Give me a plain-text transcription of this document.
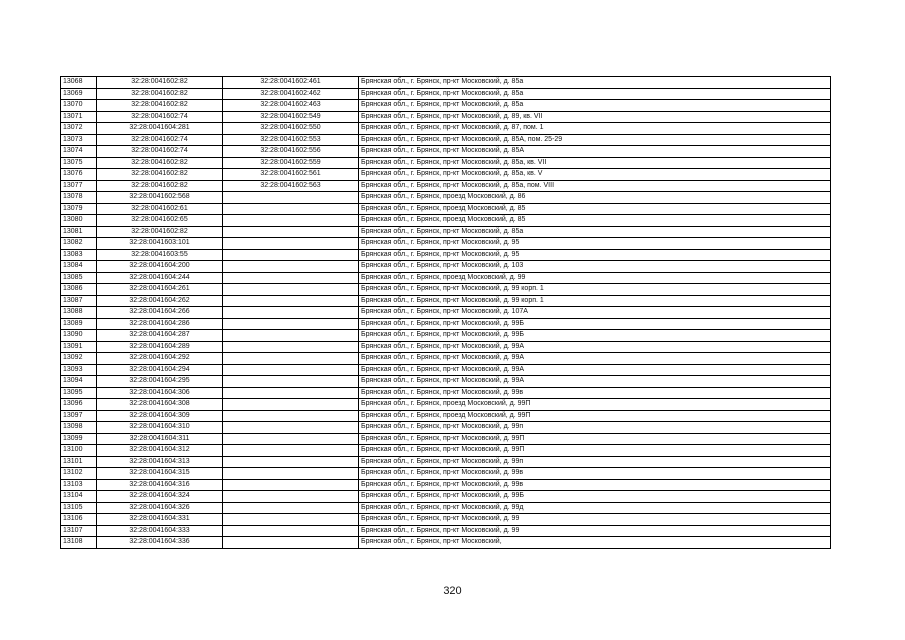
13068	32:28:0041602:82	32:28:0041602:461	Брянская обл., г. Брянск, пр-кт Московский, д. 85а
13069	32:28:0041602:82	32:28:0041602:462	Брянская обл., г. Брянск, пр-кт Московский, д. 85а
13070	32:28:0041602:82	32:28:0041602:463	Брянская обл., г. Брянск, пр-кт Московский, д. 85а
13071	32:28:0041602:74	32:28:0041602:549	Брянская обл., г. Брянск, пр-кт Московский, д. 89, кв. VII
13072	32:28:0041604:281	32:28:0041602:550	Брянская обл., г. Брянск, пр-кт Московский, д. 87, пом. 1
13073	32:28:0041602:74	32:28:0041602:553	Брянская обл., г. Брянск, пр-кт Московский, д. 85А, пом. 25-29
13074	32:28:0041602:74	32:28:0041602:556	Брянская обл., г. Брянск, пр-кт Московский, д. 85А
13075	32:28:0041602:82	32:28:0041602:559	Брянская обл., г. Брянск, пр-кт Московский, д. 85а, кв. VII
13076	32:28:0041602:82	32:28:0041602:561	Брянская обл., г. Брянск, пр-кт Московский, д. 85а, кв. V
13077	32:28:0041602:82	32:28:0041602:563	Брянская обл., г. Брянск, пр-кт Московский, д. 85а, пом. VIII
13078	32:28:0041602:568		Брянская обл., г. Брянск, проезд Московский, д. 86
13079	32:28:0041602:61		Брянская обл., г. Брянск, проезд Московский, д. 85
13080	32:28:0041602:65		Брянская обл., г. Брянск, проезд Московский, д. 85
13081	32:28:0041602:82		Брянская обл., г. Брянск, пр-кт Московский, д. 85а
13082	32:28:0041603:101		Брянская обл., г. Брянск, пр-кт Московский, д. 95
13083	32:28:0041603:55		Брянская обл., г. Брянск, пр-кт Московский, д. 95
13084	32:28:0041604:200		Брянская обл., г. Брянск, пр-кт Московский, д. 103
13085	32:28:0041604:244		Брянская обл., г. Брянск, проезд Московский, д. 99
13086	32:28:0041604:261		Брянская обл., г. Брянск, пр-кт Московский, д. 99 корп. 1
13087	32:28:0041604:262		Брянская обл., г. Брянск, пр-кт Московский, д. 99 корп. 1
13088	32:28:0041604:266		Брянская обл., г. Брянск, пр-кт Московский, д. 107А
13089	32:28:0041604:286		Брянская обл., г. Брянск, пр-кт Московский, д. 99Б
13090	32:28:0041604:287		Брянская обл., г. Брянск, пр-кт Московский, д. 99Б
13091	32:28:0041604:289		Брянская обл., г. Брянск, пр-кт Московский, д. 99А
13092	32:28:0041604:292		Брянская обл., г. Брянск, пр-кт Московский, д. 99А
13093	32:28:0041604:294		Брянская обл., г. Брянск, пр-кт Московский, д. 99А
13094	32:28:0041604:295		Брянская обл., г. Брянск, пр-кт Московский, д. 99А
13095	32:28:0041604:306		Брянская обл., г. Брянск, пр-кт Московский, д. 99в
13096	32:28:0041604:308		Брянская обл., г. Брянск, проезд Московский, д. 99П
13097	32:28:0041604:309		Брянская обл., г. Брянск, проезд Московский, д. 99П
13098	32:28:0041604:310		Брянская обл., г. Брянск, пр-кт Московский, д. 99п
13099	32:28:0041604:311		Брянская обл., г. Брянск, пр-кт Московский, д. 99П
13100	32:28:0041604:312		Брянская обл., г. Брянск, пр-кт Московский, д. 99П
13101	32:28:0041604:313		Брянская обл., г. Брянск, пр-кт Московский, д. 99п
13102	32:28:0041604:315		Брянская обл., г. Брянск, пр-кт Московский, д. 99в
13103	32:28:0041604:316		Брянская обл., г. Брянск, пр-кт Московский, д. 99в
13104	32:28:0041604:324		Брянская обл., г. Брянск, пр-кт Московский, д. 99Б
13105	32:28:0041604:326		Брянская обл., г. Брянск, пр-кт Московский, д. 99д
13106	32:28:0041604:331		Брянская обл., г. Брянск, пр-кт Московский, д. 99
13107	32:28:0041604:333		Брянская обл., г. Брянск, пр-кт Московский, д. 99
13108	32:28:0041604:336		Брянская обл., г. Брянск, пр-кт Московский,
320
